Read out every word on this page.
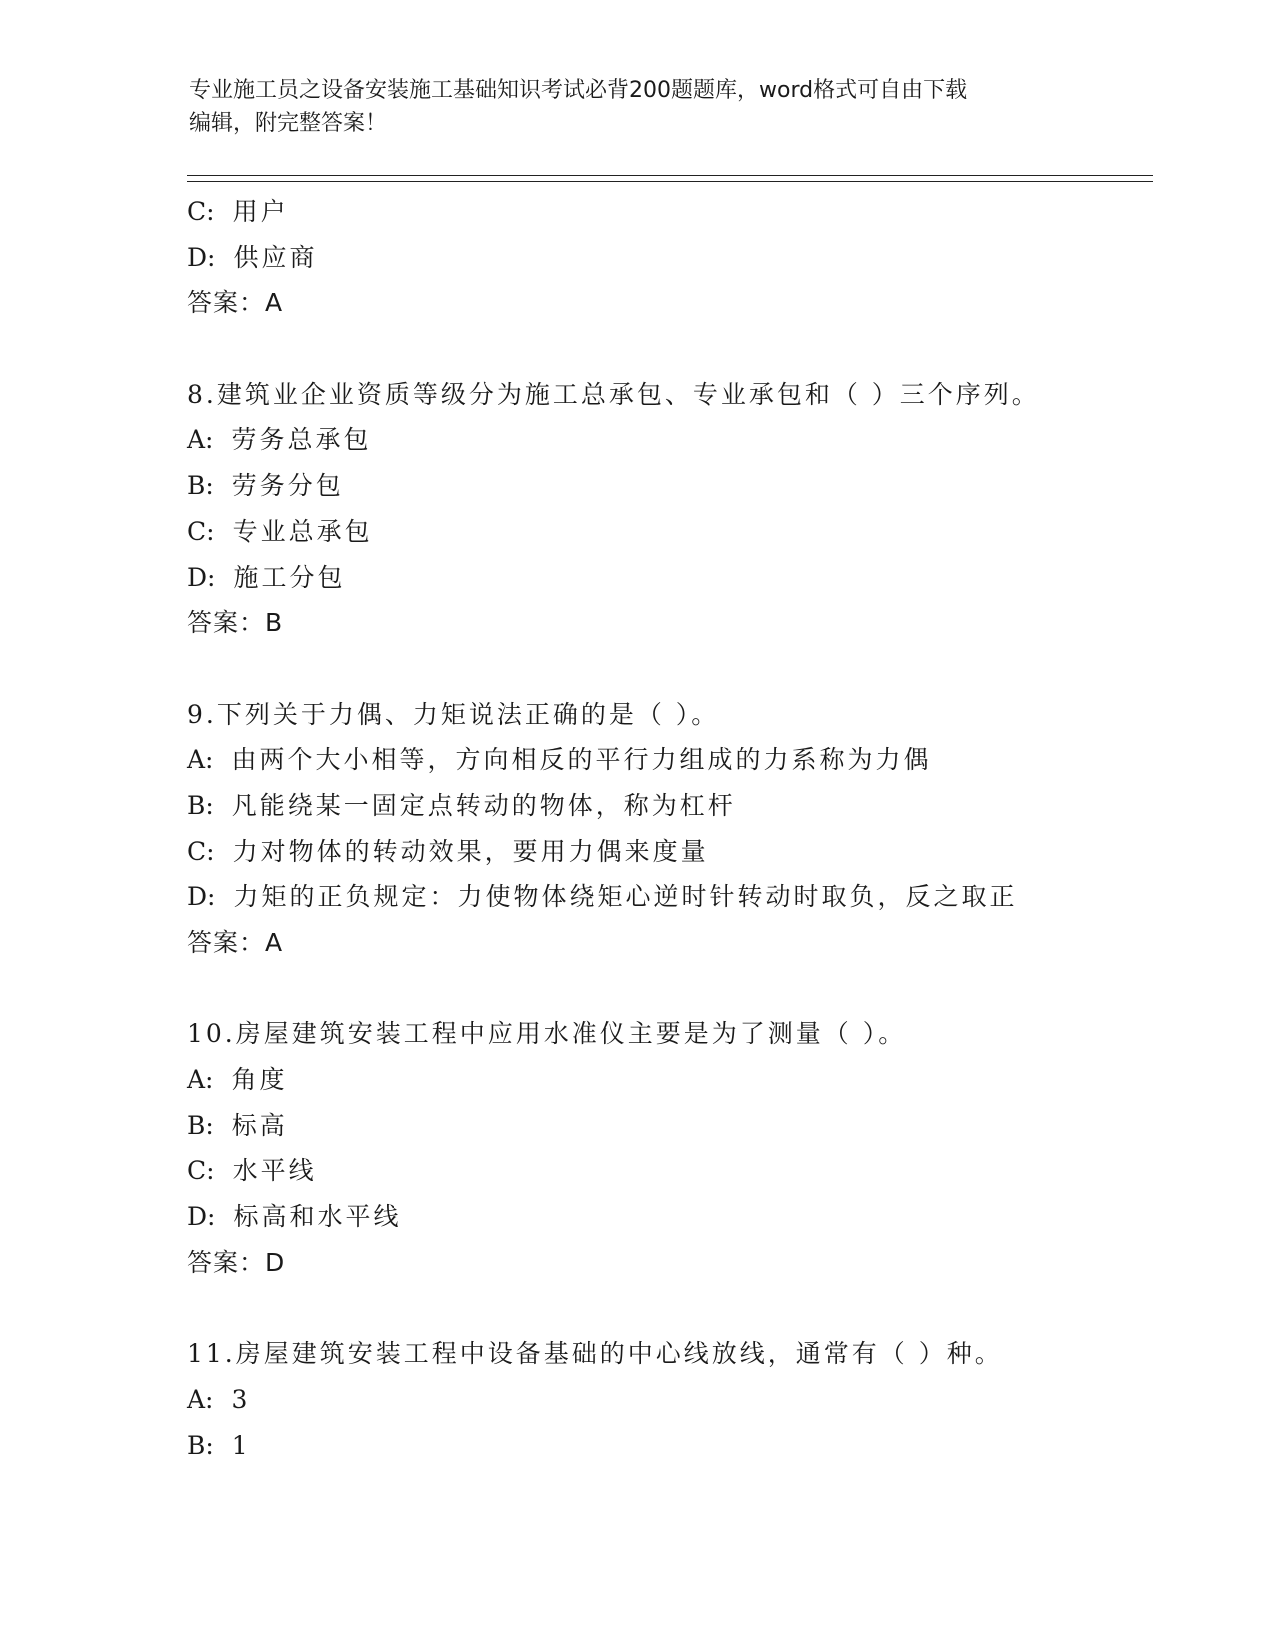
专业施工员之设备安装施工基础知识考试必背200题题库，word格式可自由下载
编辑，附完整答案！
C: 用户
D: 供应商
答案：A
8.建筑业企业资质等级分为施工总承包、专业承包和（ ）三个序列。
A: 劳务总承包
B: 劳务分包
C: 专业总承包
D: 施工分包
答案：B
9.下列关于力偶、力矩说法正确的是（ ）。
A: 由两个大小相等，方向相反的平行力组成的力系称为力偶
B: 凡能绕某一固定点转动的物体，称为杠杆
C: 力对物体的转动效果，要用力偶来度量
D: 力矩的正负规定：力使物体绕矩心逆时针转动时取负，反之取正
答案：A
10.房屋建筑安装工程中应用水准仪主要是为了测量（ ）。
A: 角度
B: 标高
C: 水平线
D: 标高和水平线
答案：D
11.房屋建筑安装工程中设备基础的中心线放线，通常有（ ）种。
A: 3
B: 1
